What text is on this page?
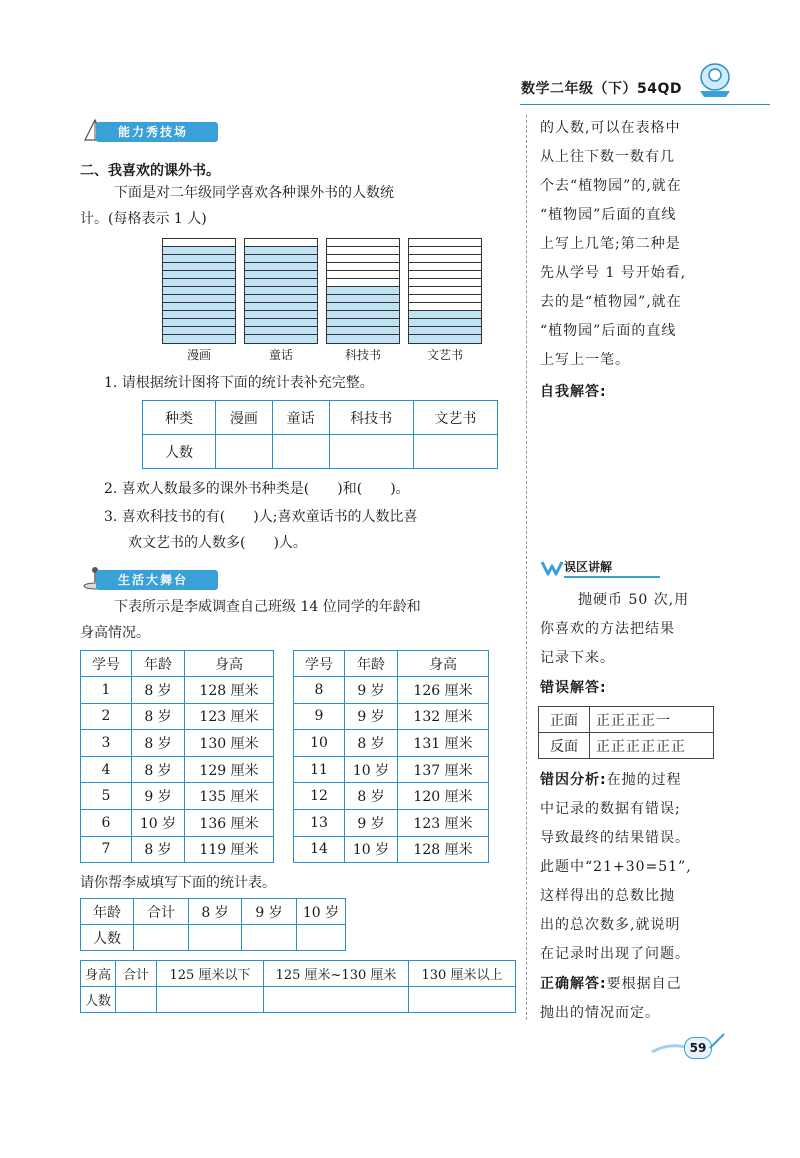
数学二年级（下）54QD
能力秀技场
二、我喜欢的课外书。
下面是对二年级同学喜欢各种课外书的人数统
计。(每格表示 1 人)
漫画	童话	科技书	文艺书
1. 请根据统计图将下面的统计表补充完整。
种类	漫画	童话	科技书	文艺书
人数				
2. 喜欢人数最多的课外书种类是(　　)和(　　)。
3. 喜欢科技书的有(　　)人;喜欢童话书的人数比喜
欢文艺书的人数多(　　)人。
生活大舞台
下表所示是李威调查自己班级 14 位同学的年龄和
身高情况。
学号	年龄	身高
1	8 岁	128 厘米
2	8 岁	123 厘米
3	8 岁	130 厘米
4	8 岁	129 厘米
5	9 岁	135 厘米
6	10 岁	136 厘米
7	8 岁	119 厘米
学号	年龄	身高
8	9 岁	126 厘米
9	9 岁	132 厘米
10	8 岁	131 厘米
11	10 岁	137 厘米
12	8 岁	120 厘米
13	9 岁	123 厘米
14	10 岁	128 厘米
请你帮李威填写下面的统计表。
年龄	合计	8 岁	9 岁	10 岁
人数				
身高	合计	125 厘米以下	125 厘米~130 厘米	130 厘米以上
人数				
的人数,可以在表格中
从上往下数一数有几
个去“植物园”的,就在
“植物园”后面的直线
上写上几笔;第二种是
先从学号 1 号开始看,
去的是“植物园”,就在
“植物园”后面的直线
上写上一笔。
自我解答:
误区讲解
抛硬币 50 次,用
你喜欢的方法把结果
记录下来。
错误解答:
正面	正正正正一
反面	正正正正正正
错因分析:在抛的过程
中记录的数据有错误;
导致最终的结果错误。
此题中“21+30=51”,
这样得出的总数比抛
出的总次数多,就说明
在记录时出现了问题。
正确解答:要根据自己
抛出的情况而定。
59
